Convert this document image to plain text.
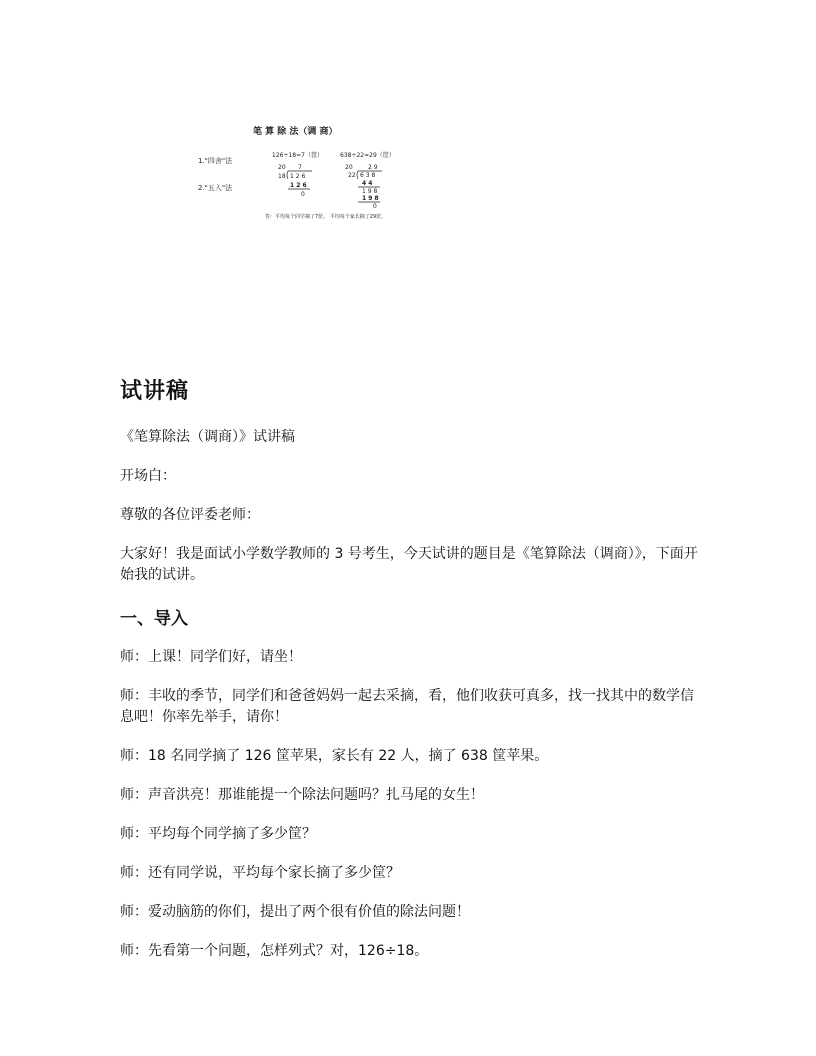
笔 算 除 法（调 商）
1."四舍"法
2."五入"法
126÷18=7（筐）	638÷22=29（筐）
20 7
18 1 2 6
1 2 6
0
20	2 9
22 6 3 8
4 4
1 9 8
1 9 8
0
答：平均每个同学摘了7筐， 平均每个家长摘了29筐。
试讲稿

《笔算除法（调商）》试讲稿

开场白：

尊敬的各位评委老师：

大家好！我是面试小学数学教师的 3 号考生，今天试讲的题目是《笔算除法（调商）》，下面开始我的试讲。

一、导入

师：上课！同学们好，请坐！

师：丰收的季节，同学们和爸爸妈妈一起去采摘，看，他们收获可真多，找一找其中的数学信息吧！你率先举手，请你！

师：18 名同学摘了 126 筐苹果，家长有 22 人，摘了 638 筐苹果。

师：声音洪亮！那谁能提一个除法问题吗？扎马尾的女生！

师：平均每个同学摘了多少筐？

师：还有同学说，平均每个家长摘了多少筐？

师：爱动脑筋的你们，提出了两个很有价值的除法问题！

师：先看第一个问题，怎样列式？对，126÷18。
